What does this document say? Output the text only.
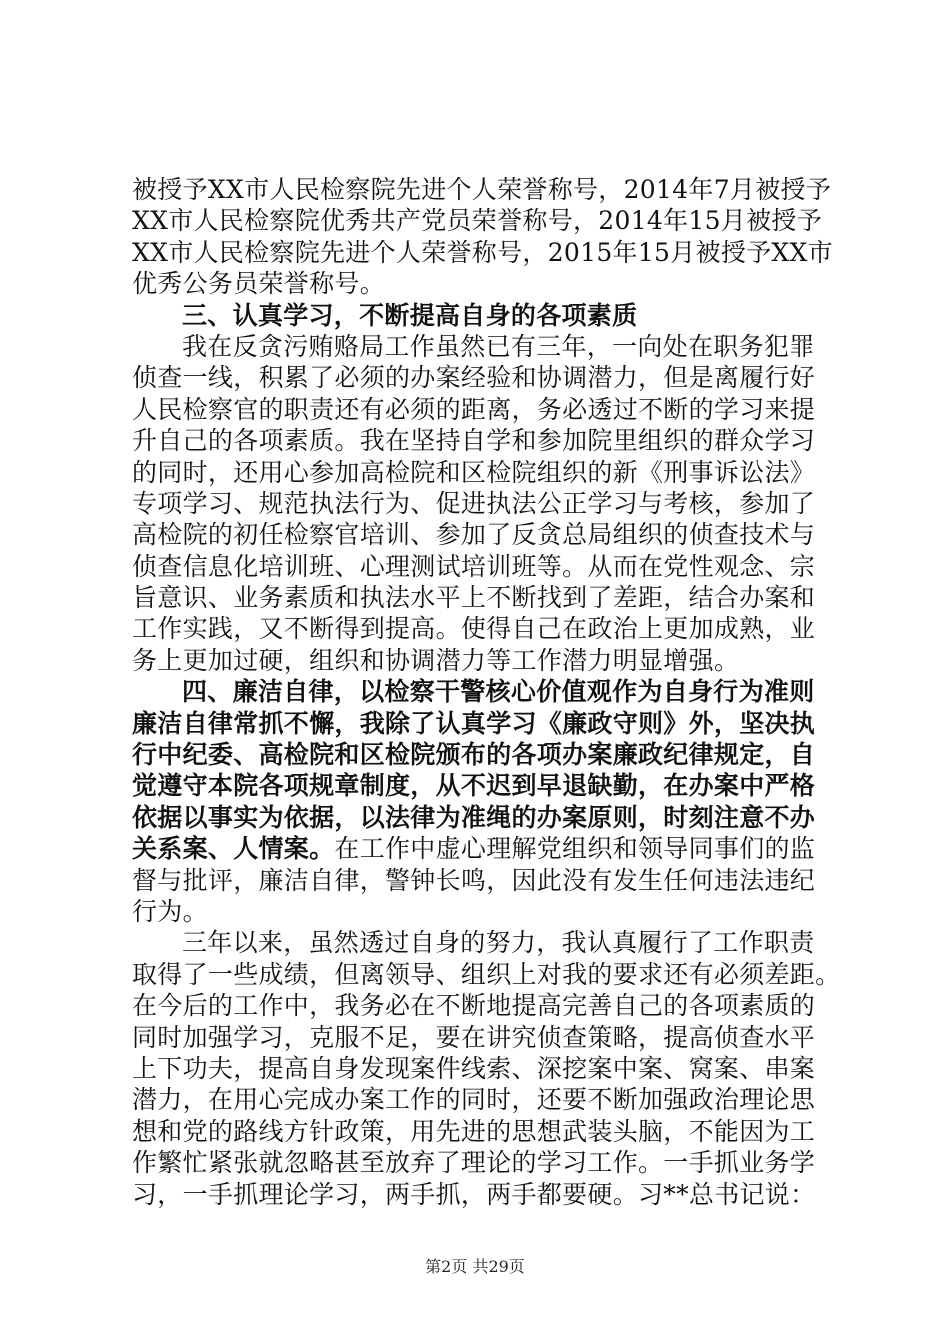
被授予XX市人民检察院先进个人荣誉称号，2014年7月被授予
XX市人民检察院优秀共产党员荣誉称号，2014年15月被授予
XX市人民检察院先进个人荣誉称号，2015年15月被授予XX市
优秀公务员荣誉称号。
三、认真学习，不断提高自身的各项素质
我在反贪污贿赂局工作虽然已有三年，一向处在职务犯罪
侦查一线，积累了必须的办案经验和协调潜力，但是离履行好
人民检察官的职责还有必须的距离，务必透过不断的学习来提
升自己的各项素质。我在坚持自学和参加院里组织的群众学习
的同时，还用心参加高检院和区检院组织的新《刑事诉讼法》
专项学习、规范执法行为、促进执法公正学习与考核，参加了
高检院的初任检察官培训、参加了反贪总局组织的侦查技术与
侦查信息化培训班、心理测试培训班等。从而在党性观念、宗
旨意识、业务素质和执法水平上不断找到了差距，结合办案和
工作实践，又不断得到提高。使得自己在政治上更加成熟，业
务上更加过硬，组织和协调潜力等工作潜力明显增强。
四、廉洁自律，以检察干警核心价值观作为自身行为准则
廉洁自律常抓不懈，我除了认真学习《廉政守则》外，坚决执
行中纪委、高检院和区检院颁布的各项办案廉政纪律规定，自
觉遵守本院各项规章制度，从不迟到早退缺勤，在办案中严格
依据以事实为依据，以法律为准绳的办案原则，时刻注意不办
关系案、人情案。在工作中虚心理解党组织和领导同事们的监
督与批评，廉洁自律，警钟长鸣，因此没有发生任何违法违纪
行为。
三年以来，虽然透过自身的努力，我认真履行了工作职责
取得了一些成绩，但离领导、组织上对我的要求还有必须差距。
在今后的工作中，我务必在不断地提高完善自己的各项素质的
同时加强学习，克服不足，要在讲究侦查策略，提高侦查水平
上下功夫，提高自身发现案件线索、深挖案中案、窝案、串案
潜力，在用心完成办案工作的同时，还要不断加强政治理论思
想和党的路线方针政策，用先进的思想武装头脑，不能因为工
作繁忙紧张就忽略甚至放弃了理论的学习工作。一手抓业务学
习，一手抓理论学习，两手抓，两手都要硬。习**总书记说：
第2页 共29页
